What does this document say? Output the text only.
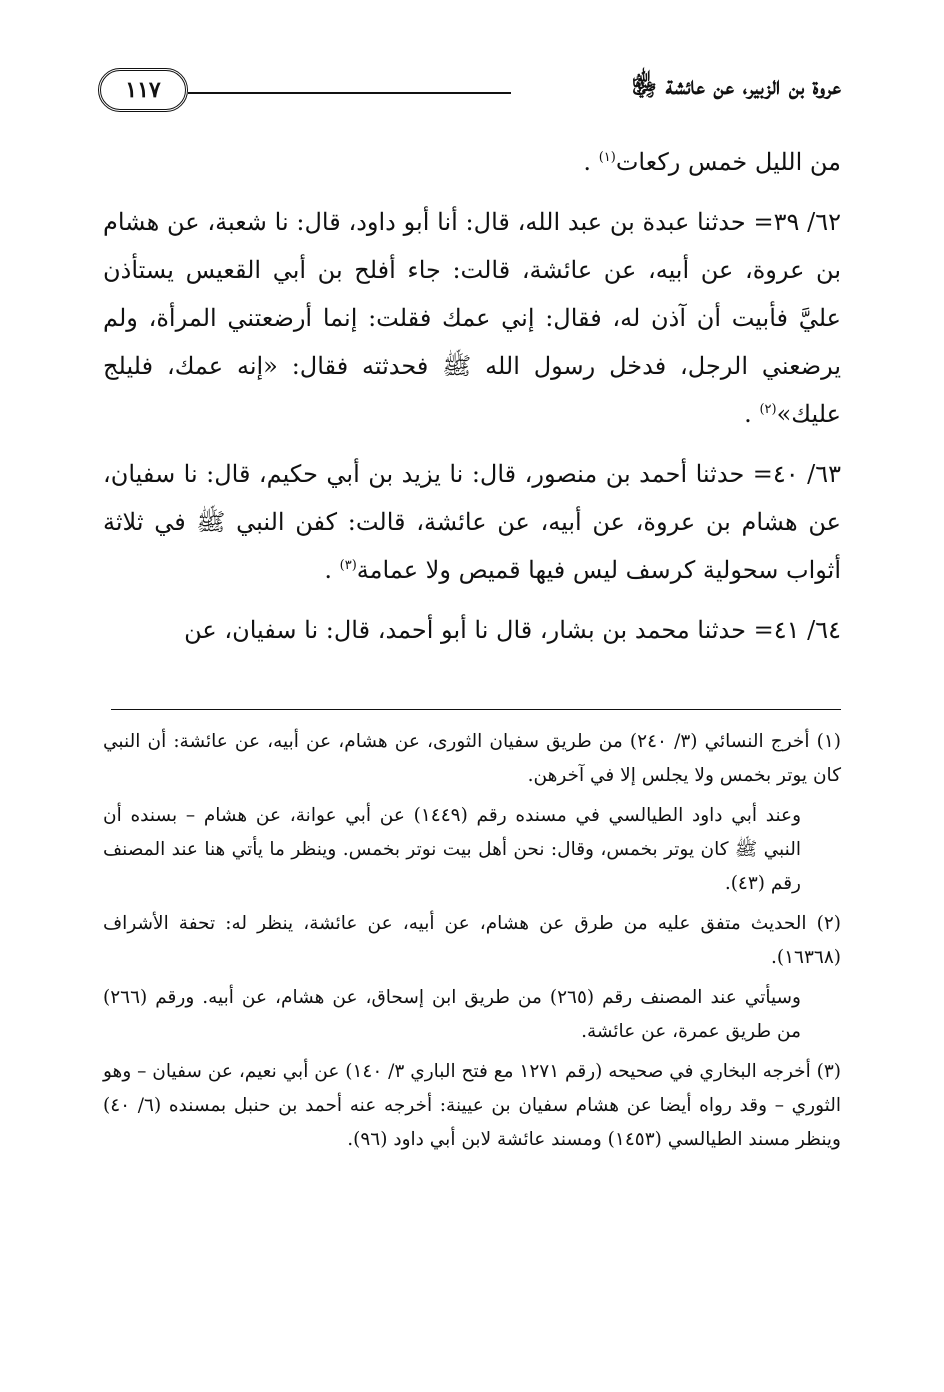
عروة بن الزبير، عن عائشة ﵂
١١٧

من الليل خمس ركعات$^{(١)}$ .

٦٢/ ٣٩= حدثنا عبدة بن عبد الله، قال: أنا أبو داود، قال: نا شعبة، عن هشام بن عروة، عن أبيه، عن عائشة، قالت: جاء أفلح بن أبي القعيس يستأذن عليَّ فأبيت أن آذن له، فقال: إني عمك فقلت: إنما أرضعتني المرأة، ولم يرضعني الرجل، فدخل رسول الله ﷺ فحدثته فقال: «إنه عمك، فليلج عليك»$^{(٢)}$ .

٦٣/ ٤٠= حدثنا أحمد بن منصور، قال: نا يزيد بن أبي حكيم، قال: نا سفيان، عن هشام بن عروة، عن أبيه، عن عائشة، قالت: كفن النبي ﷺ في ثلاثة أثواب سحولية كرسف ليس فيها قميص ولا عمامة$^{(٣)}$ .

٦٤/ ٤١= حدثنا محمد بن بشار، قال نا أبو أحمد، قال: نا سفيان، عن

(١) أخرج النسائي (٣/ ٢٤٠) من طريق سفيان الثورى، عن هشام، عن أبيه، عن عائشة: أن النبي كان يوتر بخمس ولا يجلس إلا في آخرهن.

وعند أبي داود الطيالسي في مسنده رقم (١٤٤٩) عن أبي عوانة، عن هشام – بسنده أن النبي ﷺ كان يوتر بخمس، وقال: نحن أهل بيت نوتر بخمس. وينظر ما يأتي هنا عند المصنف رقم (٤٣).

(٢) الحديث متفق عليه من طرق عن هشام، عن أبيه، عن عائشة، ينظر له: تحفة الأشراف (١٦٣٦٨).

وسيأتي عند المصنف رقم (٢٦٥) من طريق ابن إسحاق، عن هشام، عن أبيه. ورقم (٢٦٦) من طريق عمرة، عن عائشة.

(٣) أخرجه البخاري في صحيحه (رقم ١٢٧١ مع فتح الباري ٣/ ١٤٠) عن أبي نعيم، عن سفيان – وهو الثوري – وقد رواه أيضا عن هشام سفيان بن عيينة: أخرجه عنه أحمد بن حنبل بمسنده (٦/ ٤٠) وينظر مسند الطيالسي (١٤٥٣) ومسند عائشة لابن أبي داود (٩٦).
